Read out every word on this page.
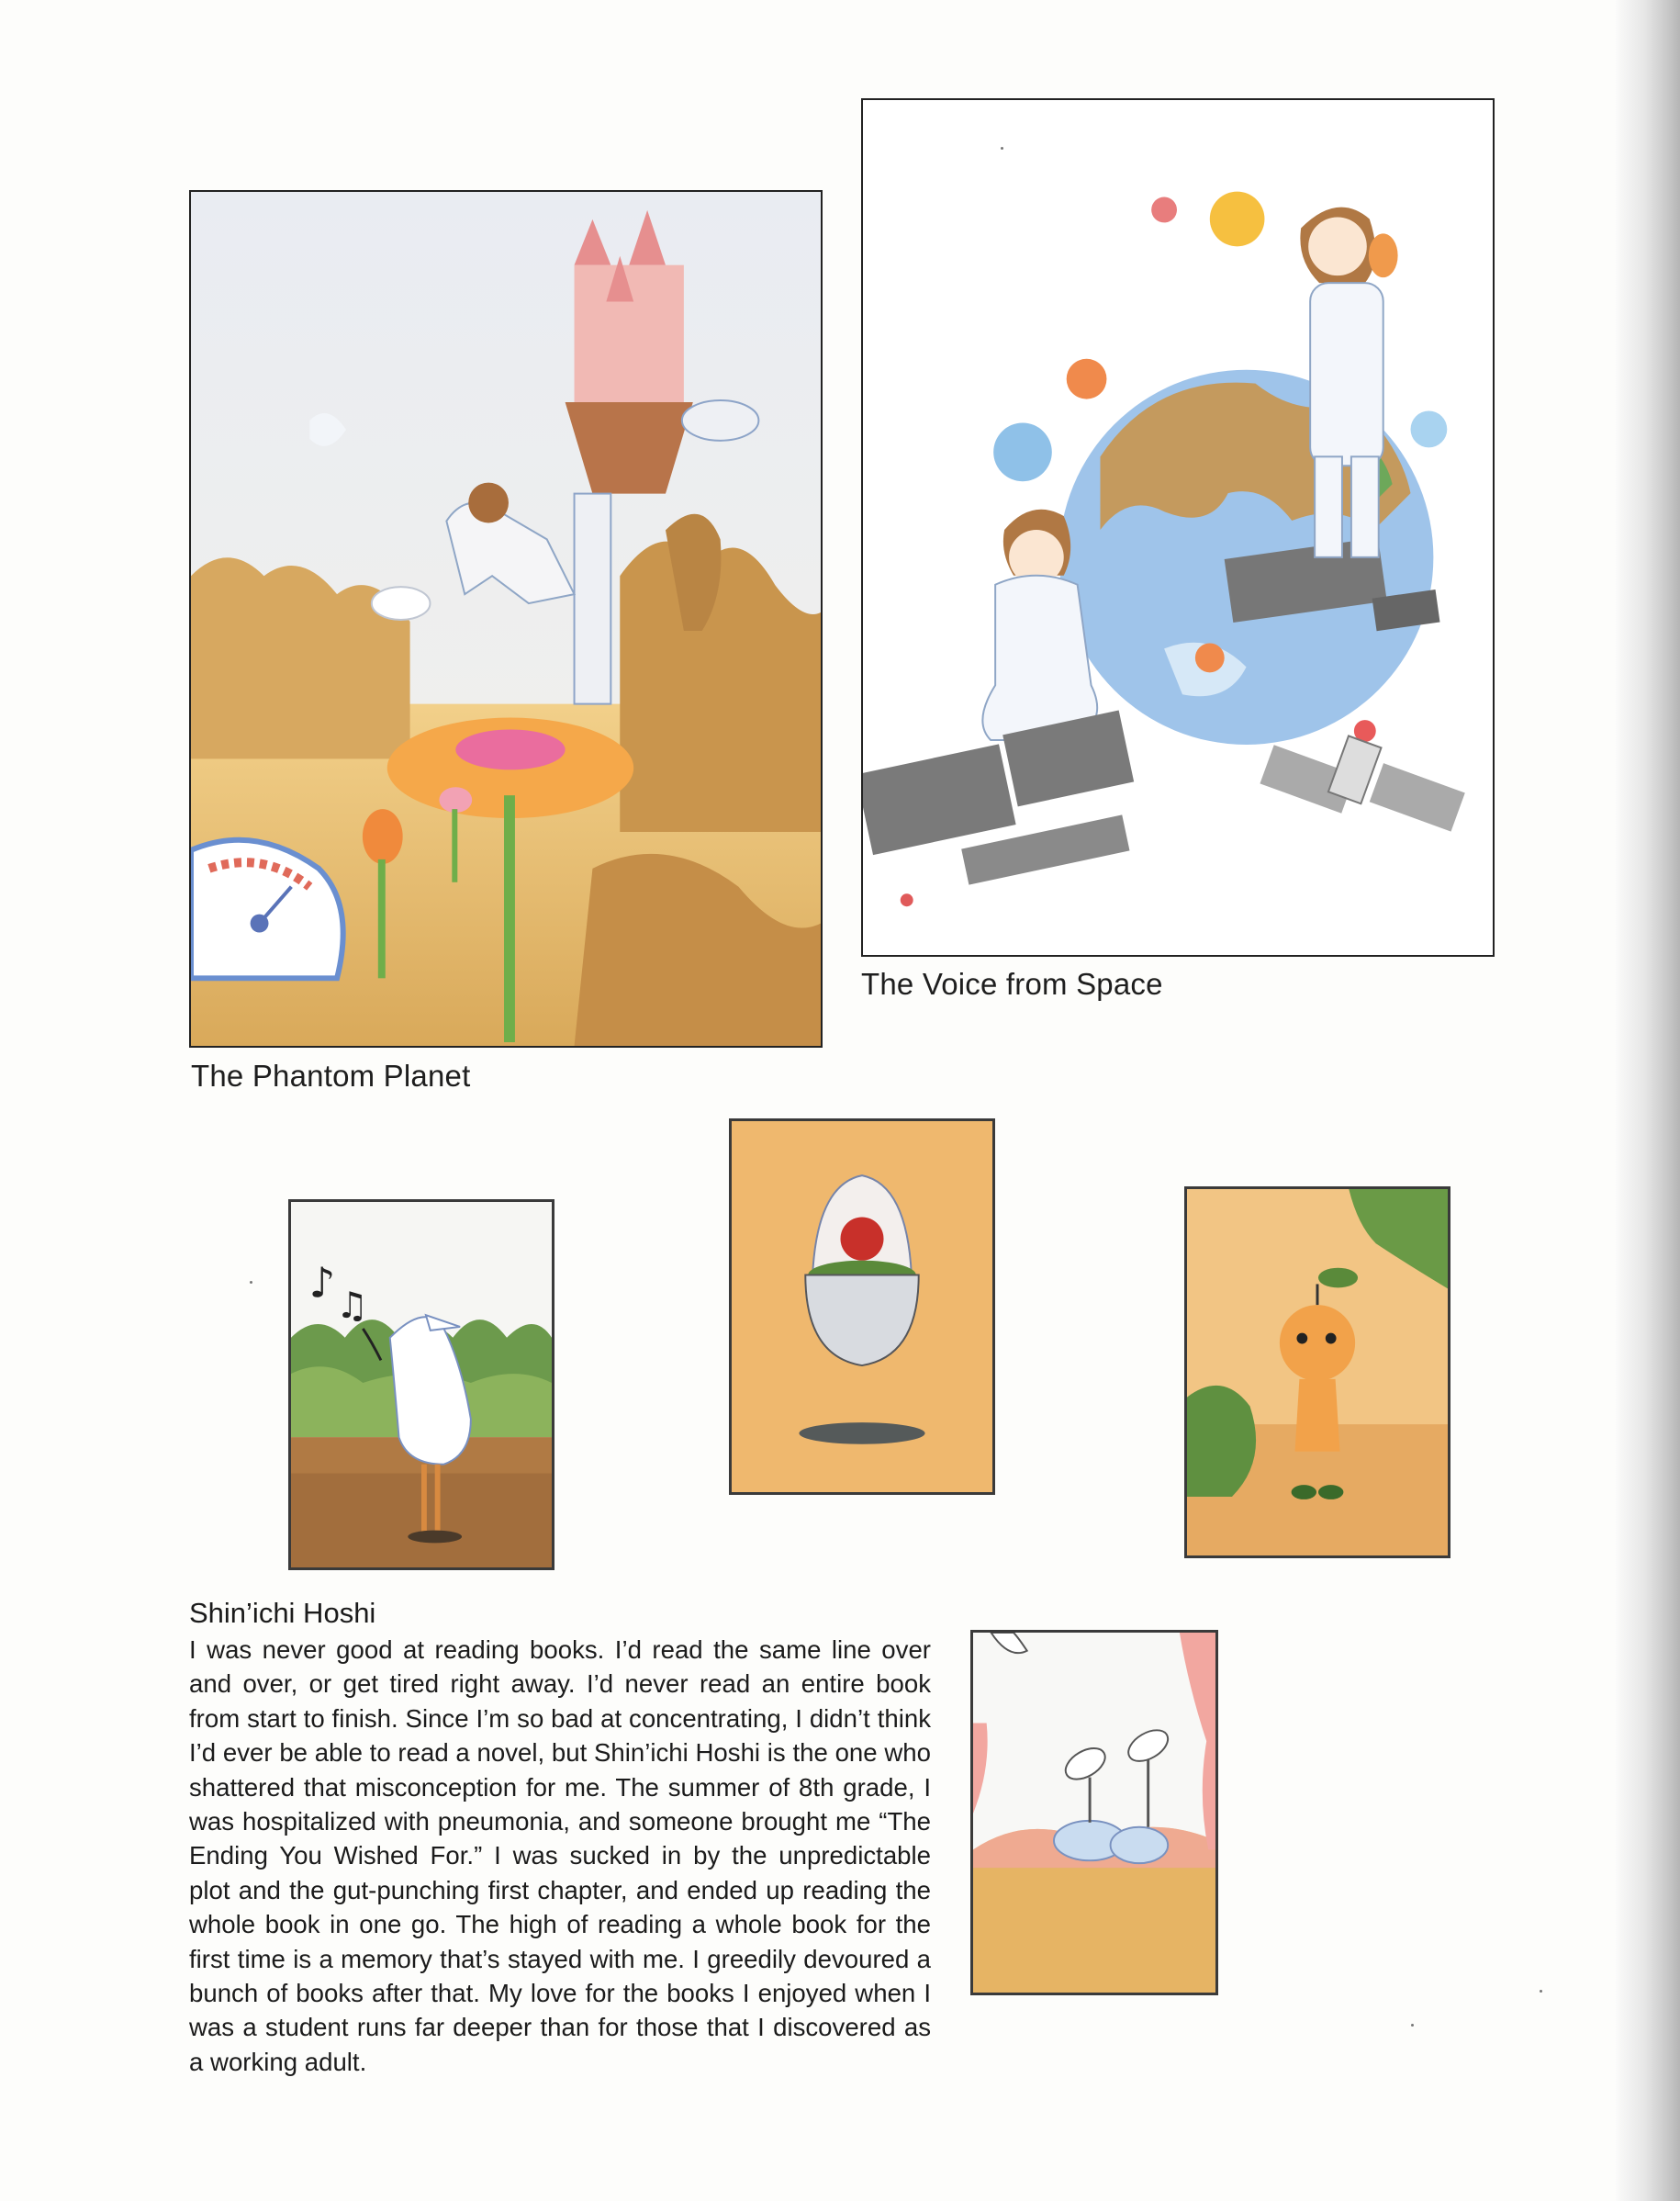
The Phantom Planet
The Voice from Space
♪ ♫
Shin’ichi Hoshi

I was never good at reading books. I’d read the same line over and over, or get tired right away. I’d never read an entire book from start to finish. Since I’m so bad at concentrating, I didn’t think I’d ever be able to read a novel, but Shin’ichi Hoshi is the one who shattered that misconception for me. The summer of 8th grade, I was hospitalized with pneumonia, and someone brought me “The Ending You Wished For.” I was sucked in by the unpredictable plot and the gut-punching first chapter, and ended up reading the whole book in one go. The high of reading a whole book for the first time is a memory that’s stayed with me. I greedily devoured a bunch of books after that. My love for the books I enjoyed when I was a student runs far deeper than for those that I discovered as a working adult.
